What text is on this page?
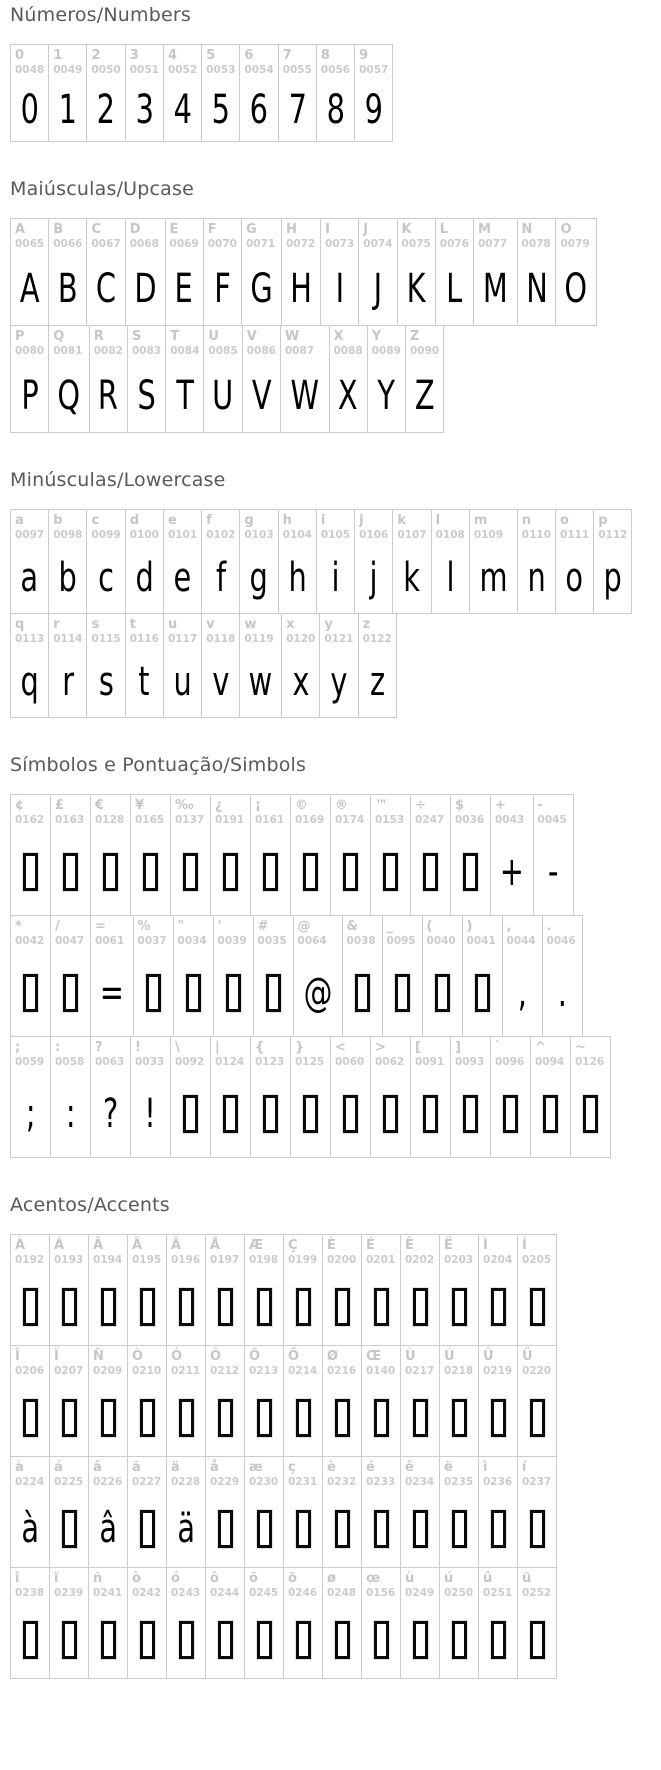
Números/Numbers
0
0048
0
1
0049
1
2
0050
2
3
0051
3
4
0052
4
5
0053
5
6
0054
6
7
0055
7
8
0056
8
9
0057
9
Maiúsculas/Upcase
A
0065
A
B
0066
B
C
0067
C
D
0068
D
E
0069
E
F
0070
F
G
0071
G
H
0072
H
I
0073
I
J
0074
J
K
0075
K
L
0076
L
M
0077
M
N
0078
N
O
0079
O
P
0080
P
Q
0081
Q
R
0082
R
S
0083
S
T
0084
T
U
0085
U
V
0086
V
W
0087
W
X
0088
X
Y
0089
Y
Z
0090
Z
Minúsculas/Lowercase
a
0097
a
b
0098
b
c
0099
c
d
0100
d
e
0101
e
f
0102
f
g
0103
g
h
0104
h
i
0105
i
j
0106
j
k
0107
k
l
0108
l
m
0109
m
n
0110
n
o
0111
o
p
0112
p
q
0113
q
r
0114
r
s
0115
s
t
0116
t
u
0117
u
v
0118
v
w
0119
w
x
0120
x
y
0121
y
z
0122
z
Símbolos e Pontuação/Simbols
¢
0162
£
0163
€
0128
¥
0165
‰
0137
¿
0191
¡
0161
©
0169
®
0174
™
0153
÷
0247
$
0036
+
0043
+
-
0045
-
*
0042
/
0047
=
0061
=
%
0037
"
0034
'
0039
#
0035
@
0064
@
&
0038
_
0095
(
0040
)
0041
,
0044
,
.
0046
.
;
0059
;
:
0058
:
?
0063
?
!
0033
!
\
0092
|
0124
{
0123
}
0125
<
0060
>
0062
[
0091
]
0093
`
0096
^
0094
~
0126
Acentos/Accents
À
0192
Á
0193
Â
0194
Ã
0195
Ä
0196
Å
0197
Æ
0198
Ç
0199
È
0200
É
0201
Ê
0202
Ë
0203
Ì
0204
Í
0205
Î
0206
Ï
0207
Ñ
0209
Ò
0210
Ó
0211
Ô
0212
Õ
0213
Ö
0214
Ø
0216
Œ
0140
Ù
0217
Ú
0218
Û
0219
Ü
0220
à
0224
à
á
0225
â
0226
â
ã
0227
ä
0228
ä
å
0229
æ
0230
ç
0231
è
0232
é
0233
ê
0234
ë
0235
ì
0236
í
0237
î
0238
ï
0239
ñ
0241
ò
0242
ó
0243
ô
0244
õ
0245
ö
0246
ø
0248
œ
0156
ù
0249
ú
0250
û
0251
ü
0252
